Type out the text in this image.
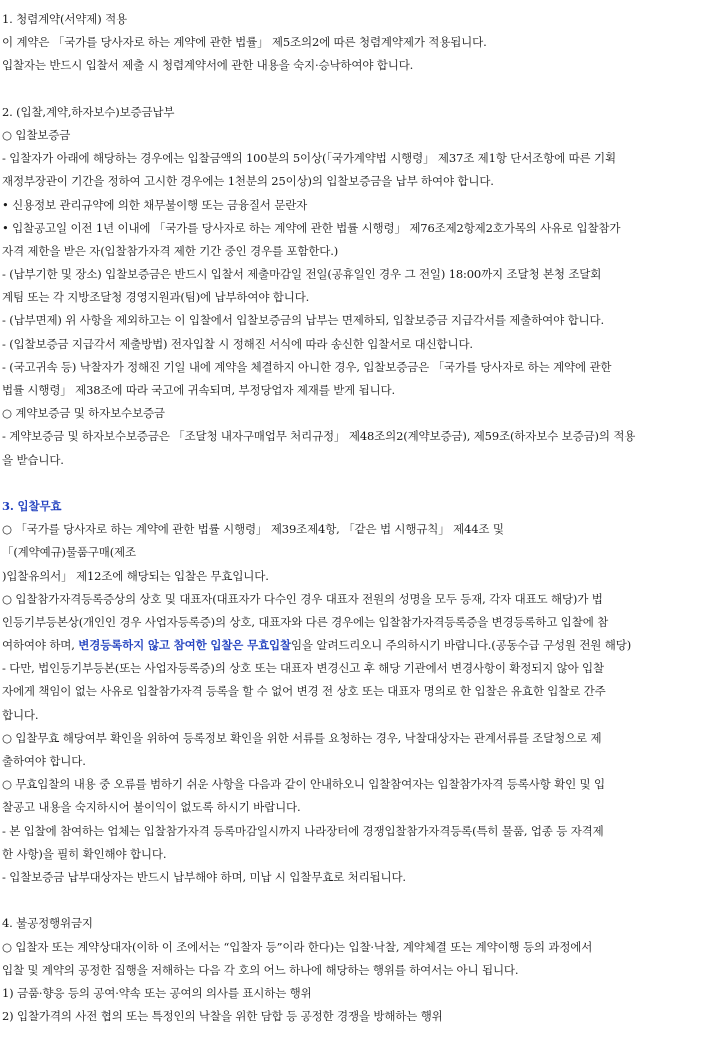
1. 청렴계약(서약제) 적용
이 계약은 「국가를 당사자로 하는 계약에 관한 법률」 제5조의2에 따른 청렴계약제가 적용됩니다.
입찰자는 반드시 입찰서 제출 시 청렴계약서에 관한 내용을 숙지·승낙하여야 합니다.
2. (입찰,계약,하자보수)보증금납부
○ 입찰보증금
- 입찰자가 아래에 해당하는 경우에는 입찰금액의 100분의 5이상(「국가계약법 시행령」 제37조 제1항 단서조항에 따른 기획
재정부장관이 기간을 정하여 고시한 경우에는 1천분의 25이상)의 입찰보증금을 납부 하여야 합니다.
• 신용정보 관리규약에 의한 채무불이행 또는 금융질서 문란자
• 입찰공고일 이전 1년 이내에 「국가를 당사자로 하는 계약에 관한 법률 시행령」 제76조제2항제2호가목의 사유로 입찰참가
자격 제한을 받은 자(입찰참가자격 제한 기간 중인 경우를 포함한다.)
- (납부기한 및 장소) 입찰보증금은 반드시 입찰서 제출마감일 전일(공휴일인 경우 그 전일) 18:00까지 조달청 본청 조달회
계팀 또는 각 지방조달청 경영지원과(팀)에 납부하여야 합니다.
- (납부면제) 위 사항을 제외하고는 이 입찰에서 입찰보증금의 납부는 면제하되, 입찰보증금 지급각서를 제출하여야 합니다.
- (입찰보증금 지급각서 제출방법) 전자입찰 시 정해진 서식에 따라 송신한 입찰서로 대신합니다.
- (국고귀속 등) 낙찰자가 정해진 기일 내에 계약을 체결하지 아니한 경우, 입찰보증금은 「국가를 당사자로 하는 계약에 관한
법률 시행령」 제38조에 따라 국고에 귀속되며, 부정당업자 제재를 받게 됩니다.
○ 계약보증금 및 하자보수보증금
- 계약보증금 및 하자보수보증금은 「조달청 내자구매업무 처리규정」 제48조의2(계약보증금), 제59조(하자보수 보증금)의 적용
을 받습니다.
3. 입찰무효
○ 「국가를 당사자로 하는 계약에 관한 법률 시행령」 제39조제4항, 「같은 법 시행규칙」 제44조 및
「(계약예규)물품구매(제조
)입찰유의서」 제12조에 해당되는 입찰은 무효입니다.
○ 입찰참가자격등록증상의 상호 및 대표자(대표자가 다수인 경우 대표자 전원의 성명을 모두 등재, 각자 대표도 해당)가 법
인등기부등본상(개인인 경우 사업자등록증)의 상호, 대표자와 다른 경우에는 입찰참가자격등록증을 변경등록하고 입찰에 참
여하여야 하며, 변경등록하지 않고 참여한 입찰은 무효입찰임을 알려드리오니 주의하시기 바랍니다.(공동수급 구성원 전원 해당)
- 다만, 법인등기부등본(또는 사업자등록증)의 상호 또는 대표자 변경신고 후 해당 기관에서 변경사항이 확정되지 않아 입찰
자에게 책임이 없는 사유로 입찰참가자격 등록을 할 수 없어 변경 전 상호 또는 대표자 명의로 한 입찰은 유효한 입찰로 간주
합니다.
○ 입찰무효 해당여부 확인을 위하여 등록정보 확인을 위한 서류를 요청하는 경우, 낙찰대상자는 관계서류를 조달청으로 제
출하여야 합니다.
○ 무효입찰의 내용 중 오류를 범하기 쉬운 사항을 다음과 같이 안내하오니 입찰참여자는 입찰참가자격 등록사항 확인 및 입
찰공고 내용을 숙지하시어 불이익이 없도록 하시기 바랍니다.
- 본 입찰에 참여하는 업체는 입찰참가자격 등록마감일시까지 나라장터에 경쟁입찰참가자격등록(특히 물품, 업종 등 자격제
한 사항)을 필히 확인해야 합니다.
- 입찰보증금 납부대상자는 반드시 납부해야 하며, 미납 시 입찰무효로 처리됩니다.
4. 불공정행위금지
○ 입찰자 또는 계약상대자(이하 이 조에서는 “입찰자 등”이라 한다)는 입찰·낙찰, 계약체결 또는 계약이행 등의 과정에서
입찰 및 계약의 공정한 집행을 저해하는 다음 각 호의 어느 하나에 해당하는 행위를 하여서는 아니 됩니다.
1) 금품·향응 등의 공여·약속 또는 공여의 의사를 표시하는 행위
2) 입찰가격의 사전 협의 또는 특정인의 낙찰을 위한 담합 등 공정한 경쟁을 방해하는 행위
